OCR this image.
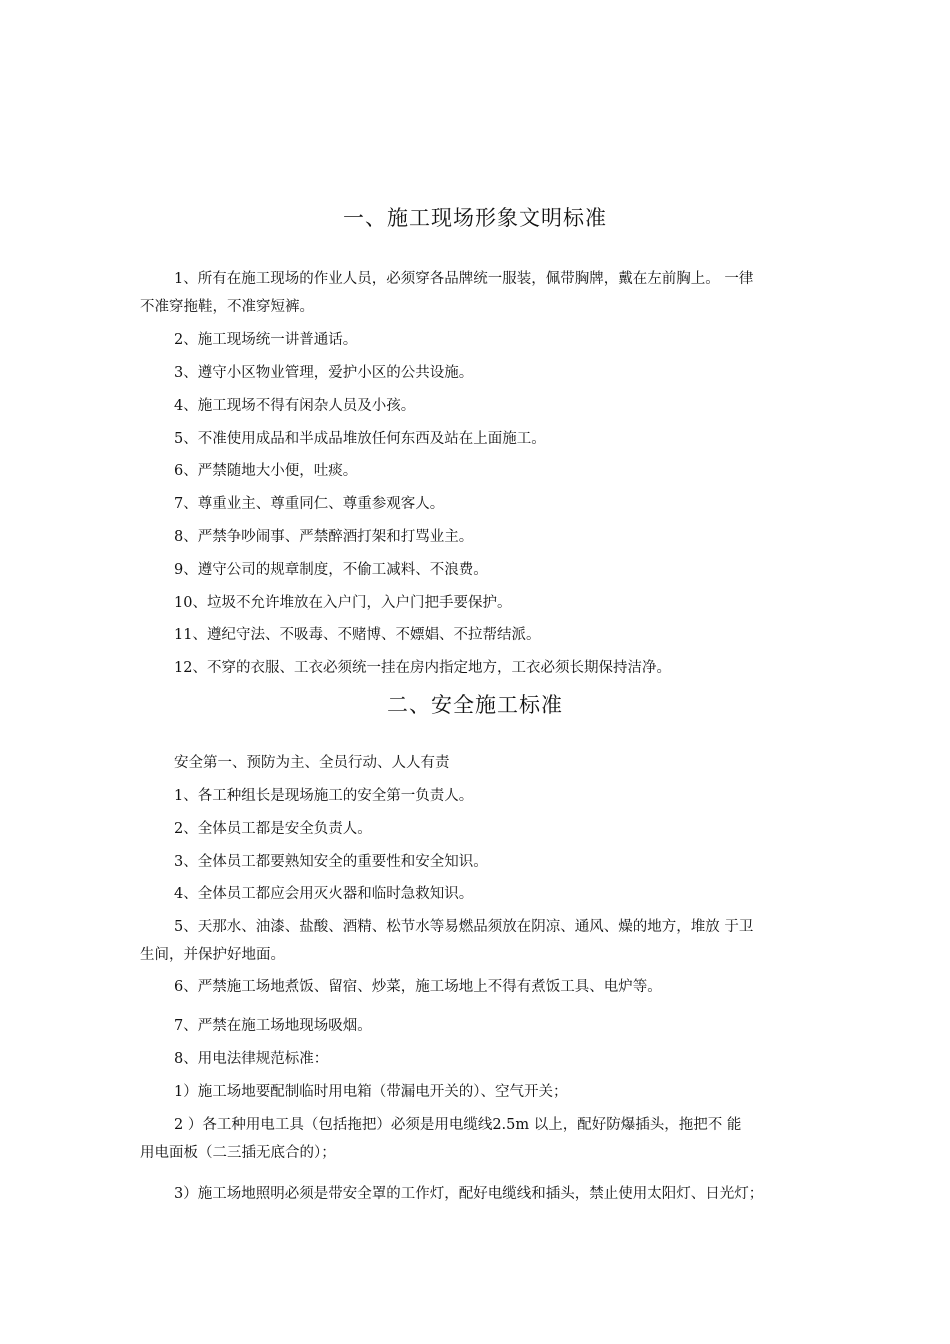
一、施工现场形象文明标准
1、所有在施工现场的作业人员，必须穿各品牌统一服装，佩带胸牌，戴在左前胸上。 一律
不准穿拖鞋，不准穿短裤。
2、施工现场统一讲普通话。
3、遵守小区物业管理，爱护小区的公共设施。
4、施工现场不得有闲杂人员及小孩。
5、不准使用成品和半成品堆放任何东西及站在上面施工。
6、严禁随地大小便，吐痰。
7、尊重业主、尊重同仁、尊重参观客人。
8、严禁争吵闹事、严禁醉酒打架和打骂业主。
9、遵守公司的规章制度，不偷工减料、不浪费。
10、垃圾不允许堆放在入户门，入户门把手要保护。
11、遵纪守法、不吸毒、不赌博、不嫖娼、不拉帮结派。
12、不穿的衣服、工衣必须统一挂在房内指定地方，工衣必须长期保持洁净。
二、安全施工标准
安全第一、预防为主、全员行动、人人有责
1、各工种组长是现场施工的安全第一负责人。
2、全体员工都是安全负责人。
3、全体员工都要熟知安全的重要性和安全知识。
4、全体员工都应会用灭火器和临时急救知识。
5、天那水、油漆、盐酸、酒精、松节水等易燃品须放在阴凉、通风、燥的地方，堆放 于卫
生间，并保护好地面。
6、严禁施工场地煮饭、留宿、炒菜，施工场地上不得有煮饭工具、电炉等。
7、严禁在施工场地现场吸烟。
8、用电法律规范标准：
1）施工场地要配制临时用电箱（带漏电开关的）、空气开关；
2 ）各工种用电工具（包括拖把）必须是用电缆线2.5m 以上，配好防爆插头，拖把不 能
用电面板（二三插无底合的）；
3）施工场地照明必须是带安全罩的工作灯，配好电缆线和插头，禁止使用太阳灯、日光灯；
